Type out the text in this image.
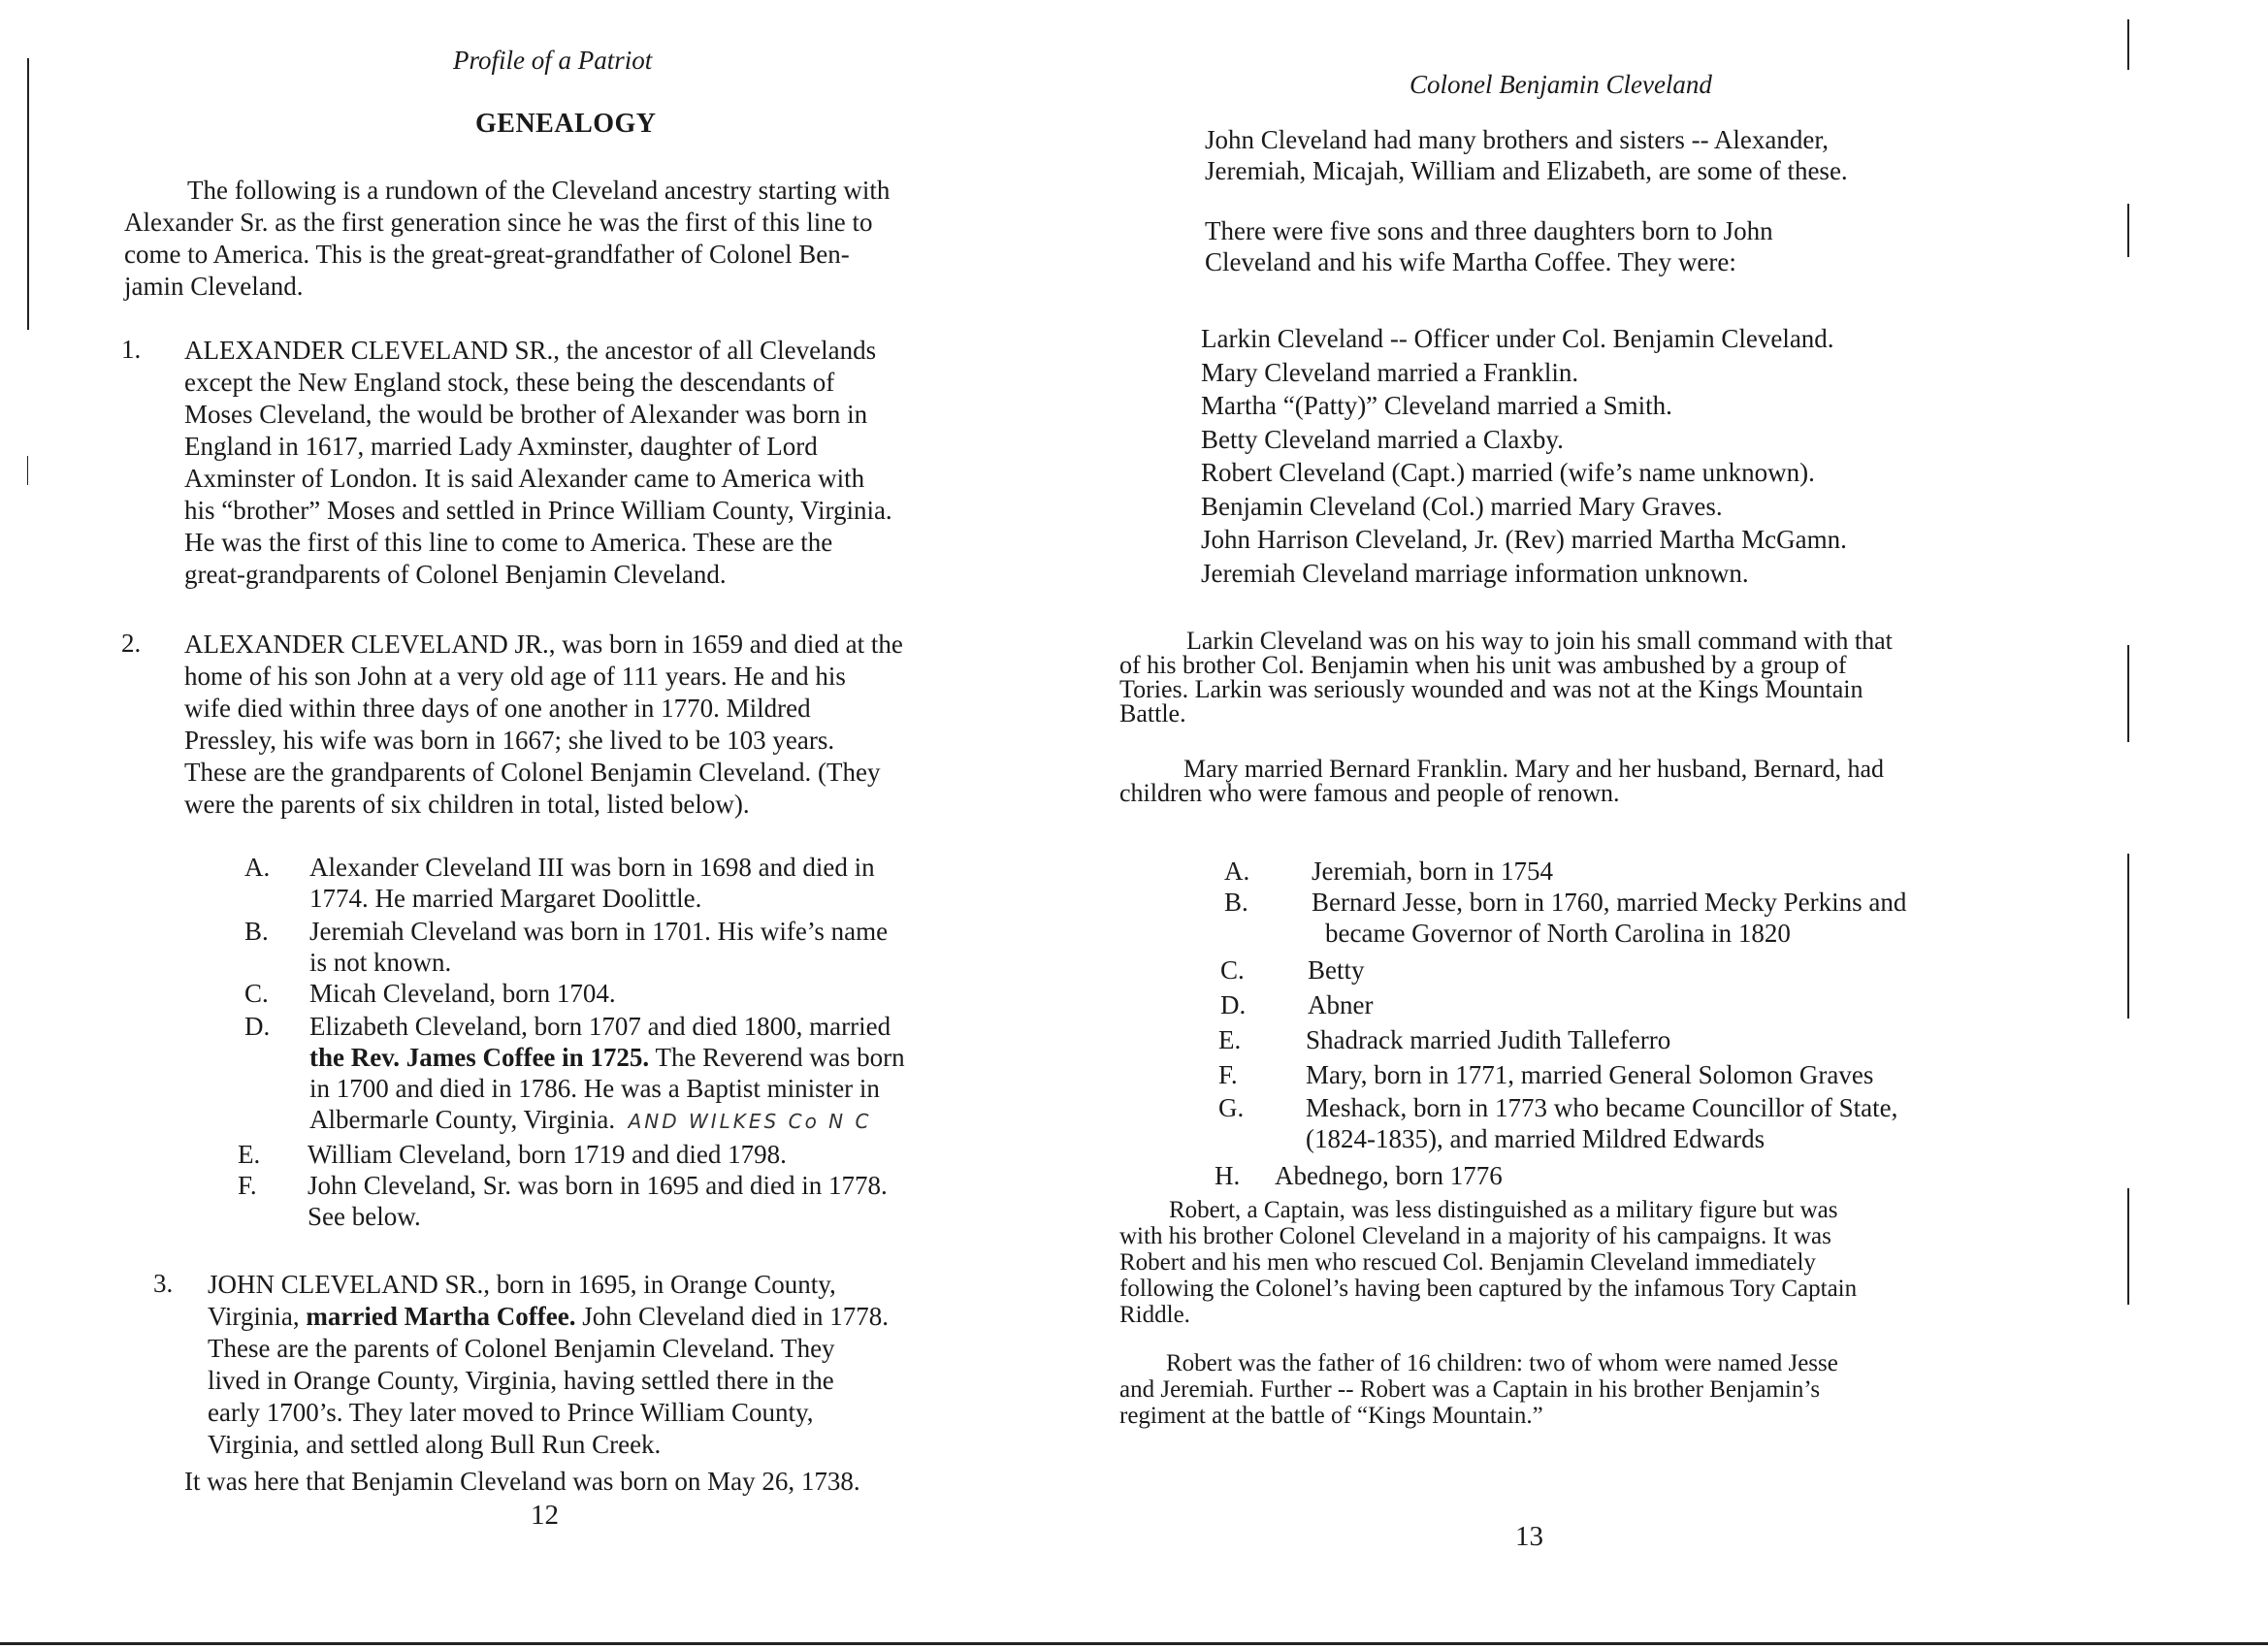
Profile of a Patriot
GENEALOGY
The following is a rundown of the Cleveland ancestry starting with
Alexander Sr. as the first generation since he was the first of this line to
come to America. This is the great-great-grandfather of Colonel Ben-
jamin Cleveland.
1. ALEXANDER CLEVELAND SR., the ancestor of all Clevelands
except the New England stock, these being the descendants of
Moses Cleveland, the would be brother of Alexander was born in
England in 1617, married Lady Axminster, daughter of Lord
Axminster of London. It is said Alexander came to America with
his “brother” Moses and settled in Prince William County, Virginia.
He was the first of this line to come to America. These are the
great-grandparents of Colonel Benjamin Cleveland.
2. ALEXANDER CLEVELAND JR., was born in 1659 and died at the
home of his son John at a very old age of 111 years. He and his
wife died within three days of one another in 1770. Mildred
Pressley, his wife was born in 1667; she lived to be 103 years.
These are the grandparents of Colonel Benjamin Cleveland. (They
were the parents of six children in total, listed below).
A. Alexander Cleveland III was born in 1698 and died in
1774. He married Margaret Doolittle.
B. Jeremiah Cleveland was born in 1701. His wife’s name
is not known.
C. Micah Cleveland, born 1704.
D. Elizabeth Cleveland, born 1707 and died 1800, married
the Rev. James Coffee in 1725. The Reverend was born
in 1700 and died in 1786. He was a Baptist minister in
Albermarle County, Virginia. AND WILKES Co N C
E. William Cleveland, born 1719 and died 1798.
F. John Cleveland, Sr. was born in 1695 and died in 1778.
See below.
3. JOHN CLEVELAND SR., born in 1695, in Orange County,
Virginia, married Martha Coffee. John Cleveland died in 1778.
These are the parents of Colonel Benjamin Cleveland. They
lived in Orange County, Virginia, having settled there in the
early 1700’s. They later moved to Prince William County,
Virginia, and settled along Bull Run Creek.
It was here that Benjamin Cleveland was born on May 26, 1738.
12
Colonel Benjamin Cleveland
John Cleveland had many brothers and sisters -- Alexander,
Jeremiah, Micajah, William and Elizabeth, are some of these.
There were five sons and three daughters born to John
Cleveland and his wife Martha Coffee. They were:
Larkin Cleveland -- Officer under Col. Benjamin Cleveland.
Mary Cleveland married a Franklin.
Martha “(Patty)” Cleveland married a Smith.
Betty Cleveland married a Claxby.
Robert Cleveland (Capt.) married (wife’s name unknown).
Benjamin Cleveland (Col.) married Mary Graves.
John Harrison Cleveland, Jr. (Rev) married Martha McGamn.
Jeremiah Cleveland marriage information unknown.
Larkin Cleveland was on his way to join his small command with that
of his brother Col. Benjamin when his unit was ambushed by a group of
Tories. Larkin was seriously wounded and was not at the Kings Mountain
Battle.
Mary married Bernard Franklin. Mary and her husband, Bernard, had
children who were famous and people of renown.
A. Jeremiah, born in 1754
B. Bernard Jesse, born in 1760, married Mecky Perkins and
became Governor of North Carolina in 1820
C. Betty
D. Abner
E. Shadrack married Judith Talleferro
F.	Mary, born in 1771, married General Solomon Graves
G. Meshack, born in 1773 who became Councillor of State,
(1824-1835), and married Mildred Edwards
H. Abednego, born 1776
Robert, a Captain, was less distinguished as a military figure but was
with his brother Colonel Cleveland in a majority of his campaigns. It was
Robert and his men who rescued Col. Benjamin Cleveland immediately
following the Colonel’s having been captured by the infamous Tory Captain
Riddle.
Robert was the father of 16 children: two of whom were named Jesse
and Jeremiah. Further -- Robert was a Captain in his brother Benjamin’s
regiment at the battle of “Kings Mountain.”
13
